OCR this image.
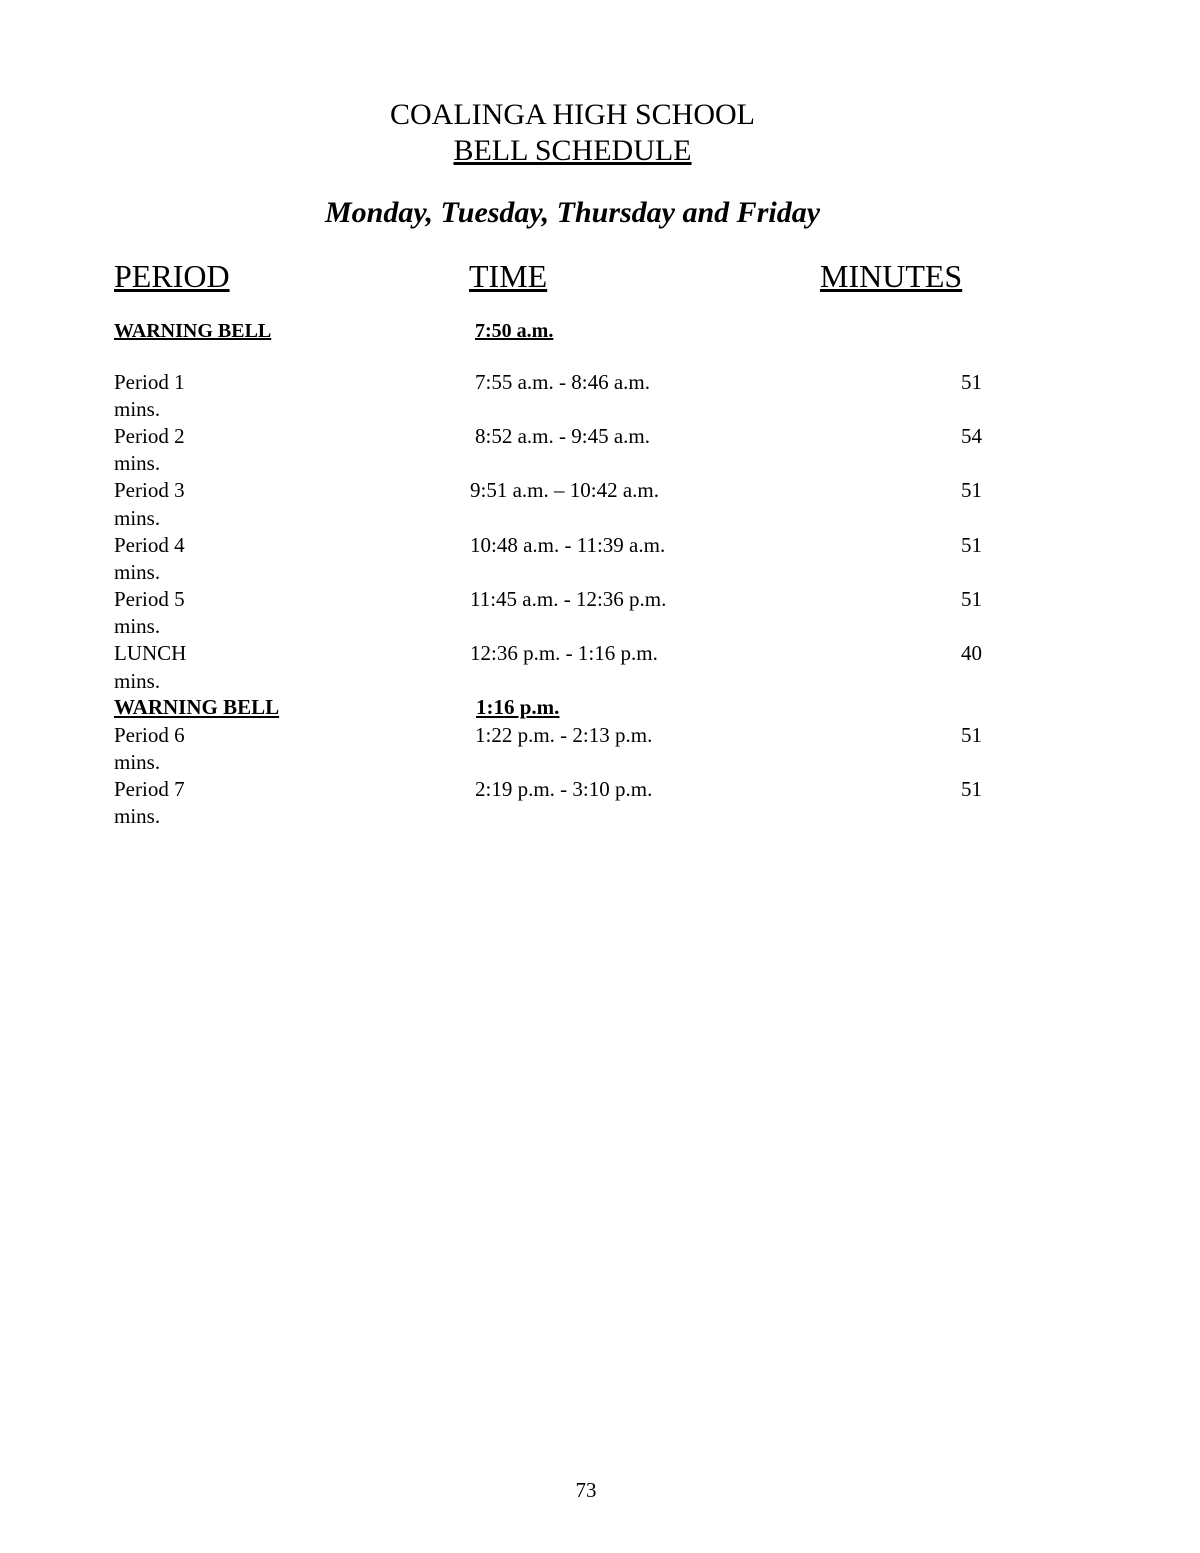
COALINGA HIGH SCHOOL
BELL SCHEDULE
Monday, Tuesday, Thursday and Friday
PERIOD	TIME	MINUTES
WARNING BELL	7:50 a.m.
Period 1	7:55 a.m. - 8:46 a.m.	51
mins.
Period 2	8:52 a.m. - 9:45 a.m.	54
mins.
Period 3	9:51 a.m. – 10:42 a.m.	51
mins.
Period 4	10:48 a.m. - 11:39 a.m.	51
mins.
Period 5	11:45 a.m. - 12:36 p.m.	51
mins.
LUNCH	12:36 p.m. - 1:16 p.m.	40
mins.
WARNING BELL	1:16 p.m.
Period 6	1:22 p.m. - 2:13 p.m.	51
mins.
Period 7	2:19 p.m. - 3:10 p.m.	51
mins.
73
